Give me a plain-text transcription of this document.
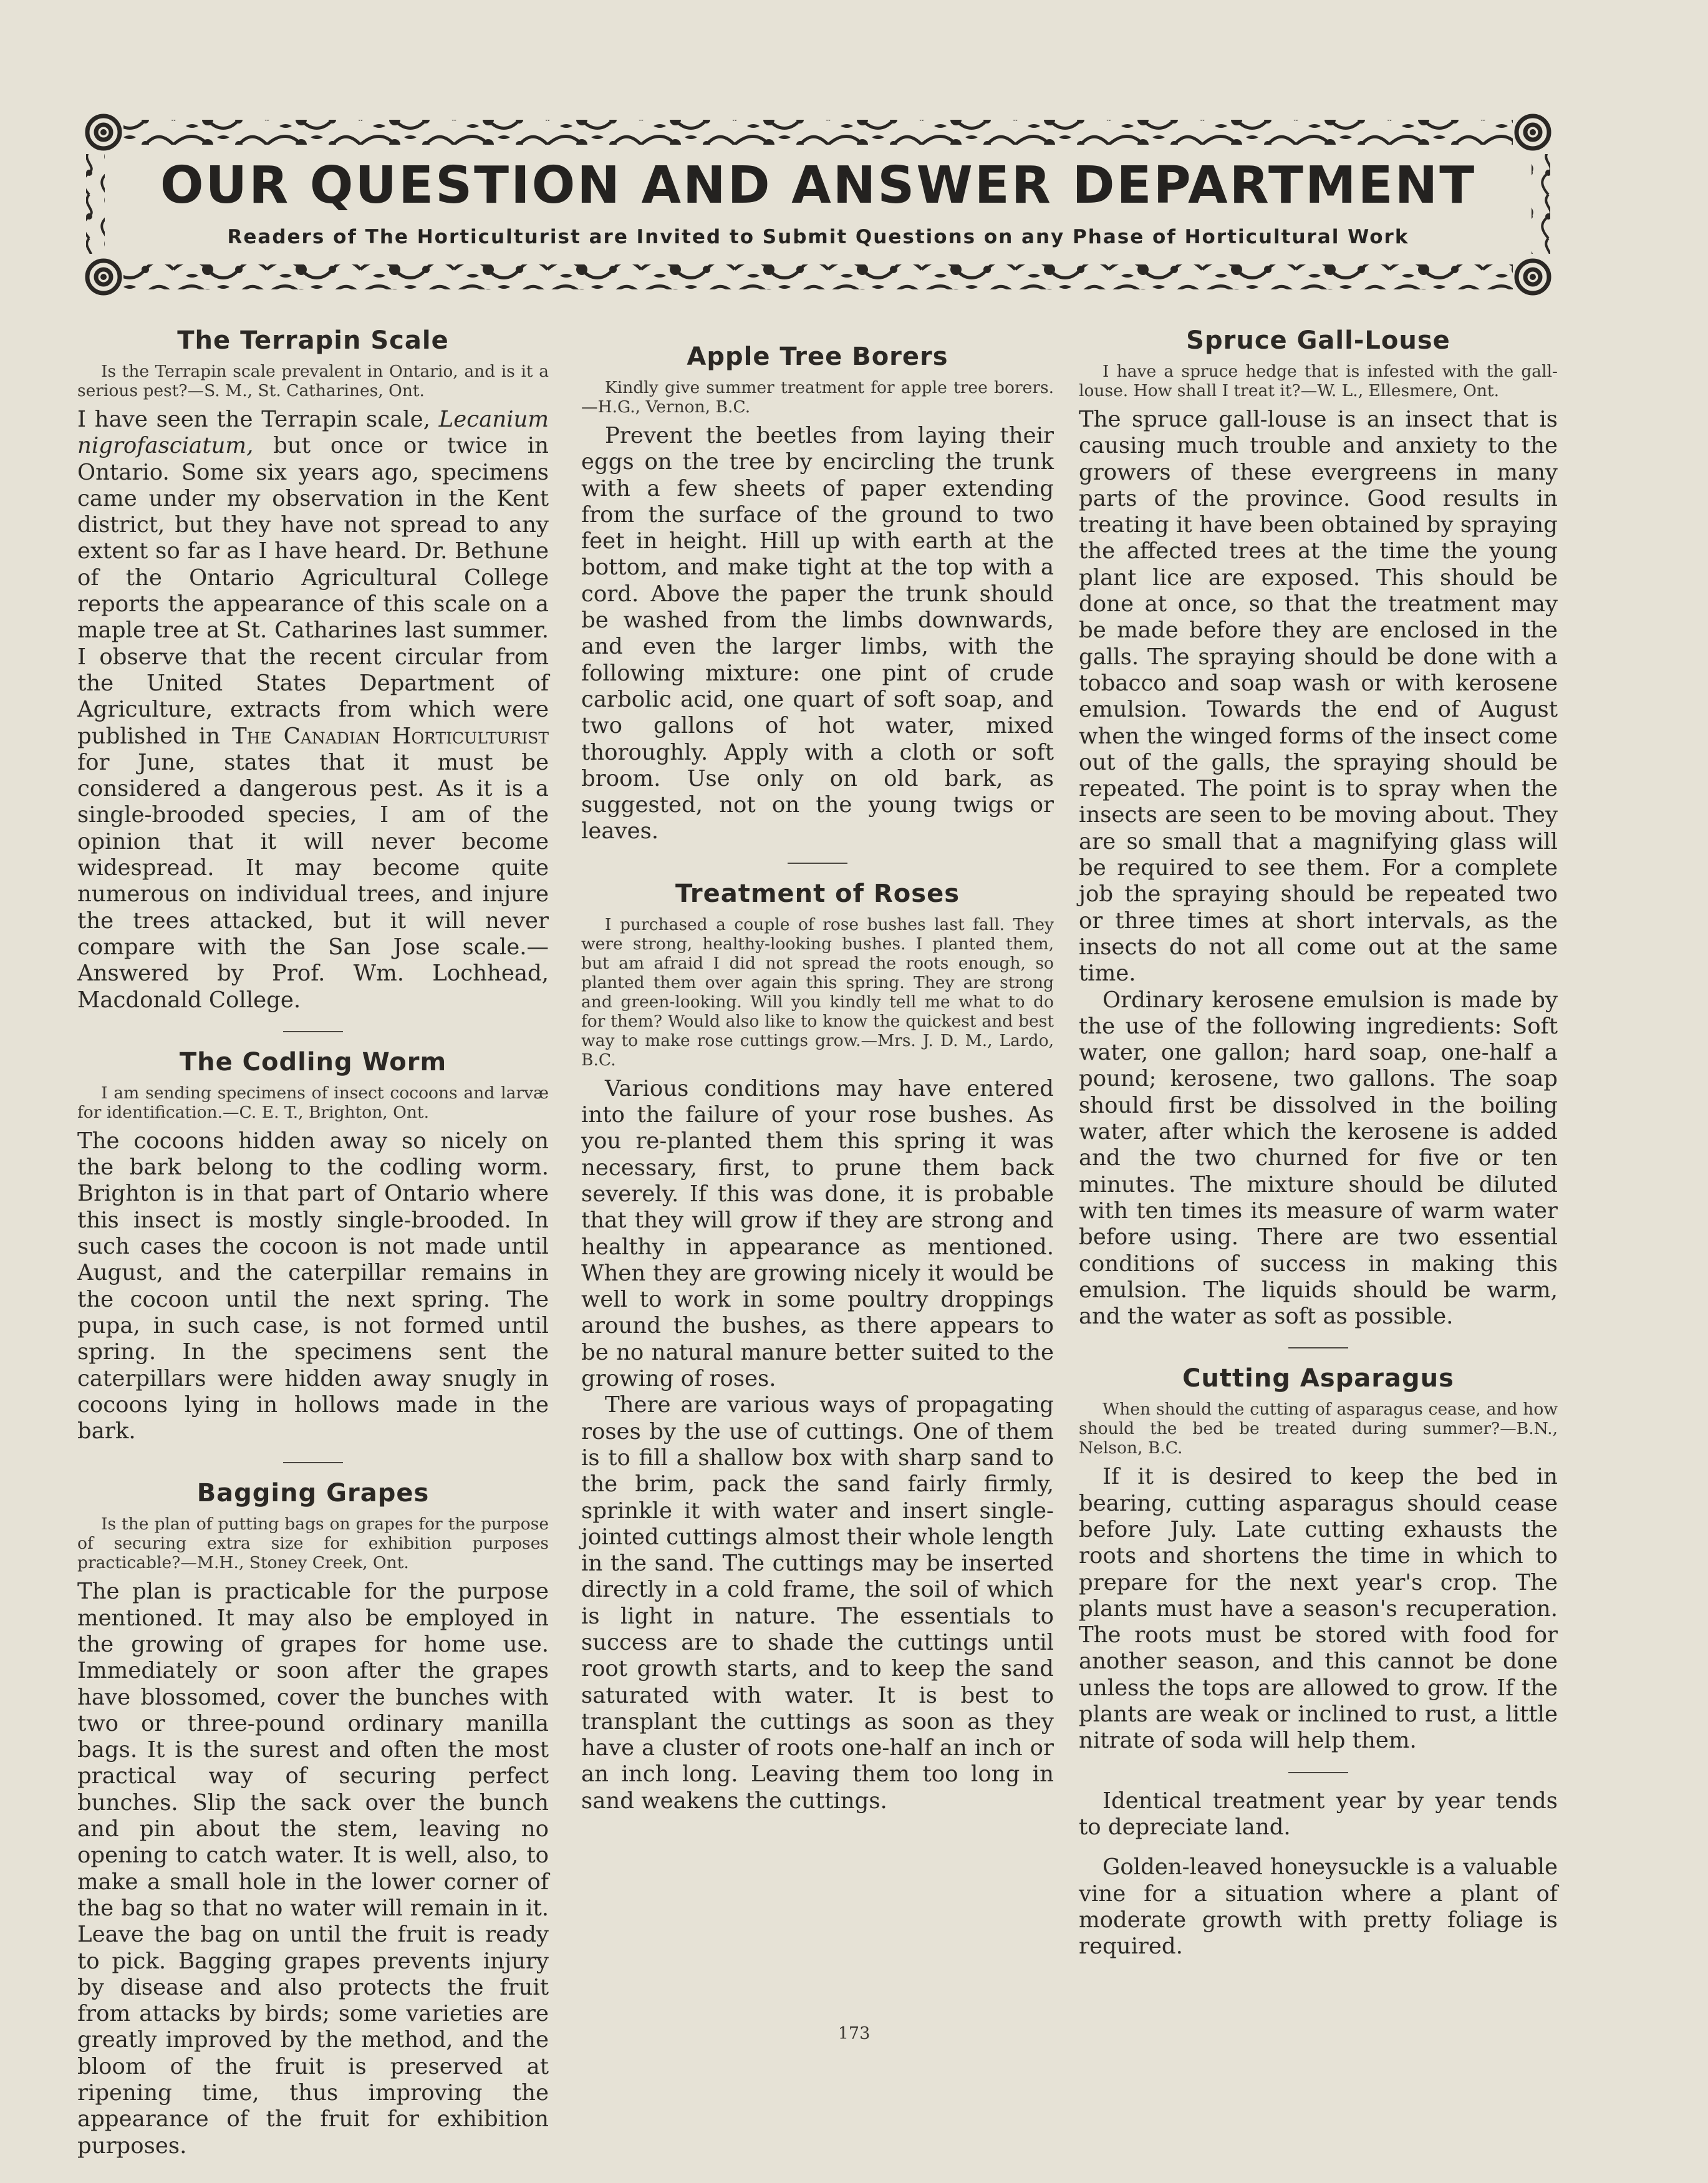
OUR QUESTION AND ANSWER DEPARTMENT
Readers of The Horticulturist are Invited to Submit Questions on any Phase of Horticultural Work
The Terrapin Scale

Is the Terrapin scale prevalent in Ontario, and is it a serious pest?—S. M., St. Catharines, Ont.

I have seen the Terrapin scale, Lecanium nigrofasciatum, but once or twice in Ontario. Some six years ago, specimens came under my observation in the Kent district, but they have not spread to any extent so far as I have heard. Dr. Bethune of the Ontario Agricultural College reports the appearance of this scale on a maple tree at St. Catharines last summer. I observe that the recent circular from the United States Department of Agriculture, extracts from which were published in The Canadian Horticulturist for June, states that it must be considered a dangerous pest. As it is a single-brooded species, I am of the opinion that it will never become widespread. It may become quite numerous on individual trees, and injure the trees attacked, but it will never compare with the San Jose scale.—Answered by Prof. Wm. Lochhead, Macdonald College.

The Codling Worm

I am sending specimens of insect cocoons and larvæ for identification.—C. E. T., Brighton, Ont.

The cocoons hidden away so nicely on the bark belong to the codling worm. Brighton is in that part of Ontario where this insect is mostly single-brooded. In such cases the cocoon is not made until August, and the caterpillar remains in the cocoon until the next spring. The pupa, in such case, is not formed until spring. In the specimens sent the caterpillars were hidden away snugly in cocoons lying in hollows made in the bark.

Bagging Grapes

Is the plan of putting bags on grapes for the purpose of securing extra size for exhibition purposes practicable?—M.H., Stoney Creek, Ont.

The plan is practicable for the purpose mentioned. It may also be employed in the growing of grapes for home use. Immediately or soon after the grapes have blossomed, cover the bunches with two or three-pound ordinary manilla bags. It is the surest and often the most practical way of securing perfect bunches. Slip the sack over the bunch and pin about the stem, leaving no opening to catch water. It is well, also, to make a small hole in the lower corner of the bag so that no water will remain in it. Leave the bag on until the fruit is ready to pick. Bagging grapes prevents injury by disease and also protects the fruit from attacks by birds; some varieties are greatly improved by the method, and the bloom of the fruit is preserved at ripening time, thus improving the appearance of the fruit for exhibition purposes.

Apple Tree Borers

Kindly give summer treatment for apple tree borers.—H.G., Vernon, B.C.

Prevent the beetles from laying their eggs on the tree by encircling the trunk with a few sheets of paper extending from the surface of the ground to two feet in height. Hill up with earth at the bottom, and make tight at the top with a cord. Above the paper the trunk should be washed from the limbs downwards, and even the larger limbs, with the following mixture: one pint of crude carbolic acid, one quart of soft soap, and two gallons of hot water, mixed thoroughly. Apply with a cloth or soft broom. Use only on old bark, as suggested, not on the young twigs or leaves.

Treatment of Roses

I purchased a couple of rose bushes last fall. They were strong, healthy-looking bushes. I planted them, but am afraid I did not spread the roots enough, so planted them over again this spring. They are strong and green-looking. Will you kindly tell me what to do for them? Would also like to know the quickest and best way to make rose cuttings grow.—Mrs. J. D. M., Lardo, B.C.

Various conditions may have entered into the failure of your rose bushes. As you re-planted them this spring it was necessary, first, to prune them back severely. If this was done, it is probable that they will grow if they are strong and healthy in appearance as mentioned. When they are growing nicely it would be well to work in some poultry droppings around the bushes, as there appears to be no natural manure better suited to the growing of roses.

There are various ways of propagating roses by the use of cuttings. One of them is to fill a shallow box with sharp sand to the brim, pack the sand fairly firmly, sprinkle it with water and insert single-jointed cuttings almost their whole length in the sand. The cuttings may be inserted directly in a cold frame, the soil of which is light in nature. The essentials to success are to shade the cuttings until root growth starts, and to keep the sand saturated with water. It is best to transplant the cuttings as soon as they have a cluster of roots one-half an inch or an inch long. Leaving them too long in sand weakens the cuttings.

Spruce Gall-Louse

I have a spruce hedge that is infested with the gall-louse. How shall I treat it?—W. L., Ellesmere, Ont.

The spruce gall-louse is an insect that is causing much trouble and anxiety to the growers of these evergreens in many parts of the province. Good results in treating it have been obtained by spraying the affected trees at the time the young plant lice are exposed. This should be done at once, so that the treatment may be made before they are enclosed in the galls. The spraying should be done with a tobacco and soap wash or with kerosene emulsion. Towards the end of August when the winged forms of the insect come out of the galls, the spraying should be repeated. The point is to spray when the insects are seen to be moving about. They are so small that a magnifying glass will be required to see them. For a complete job the spraying should be repeated two or three times at short intervals, as the insects do not all come out at the same time.

Ordinary kerosene emulsion is made by the use of the following ingredients: Soft water, one gallon; hard soap, one-half a pound; kerosene, two gallons. The soap should first be dissolved in the boiling water, after which the kerosene is added and the two churned for five or ten minutes. The mixture should be diluted with ten times its measure of warm water before using. There are two essential conditions of success in making this emulsion. The liquids should be warm, and the water as soft as possible.

Cutting Asparagus

When should the cutting of asparagus cease, and how should the bed be treated during summer?—B.N., Nelson, B.C.

If it is desired to keep the bed in bearing, cutting asparagus should cease before July. Late cutting exhausts the roots and shortens the time in which to prepare for the next year's crop. The plants must have a season's recuperation. The roots must be stored with food for another season, and this cannot be done unless the tops are allowed to grow. If the plants are weak or inclined to rust, a little nitrate of soda will help them.

Identical treatment year by year tends to depreciate land.

Golden-leaved honeysuckle is a valuable vine for a situation where a plant of moderate growth with pretty foliage is required.

173
